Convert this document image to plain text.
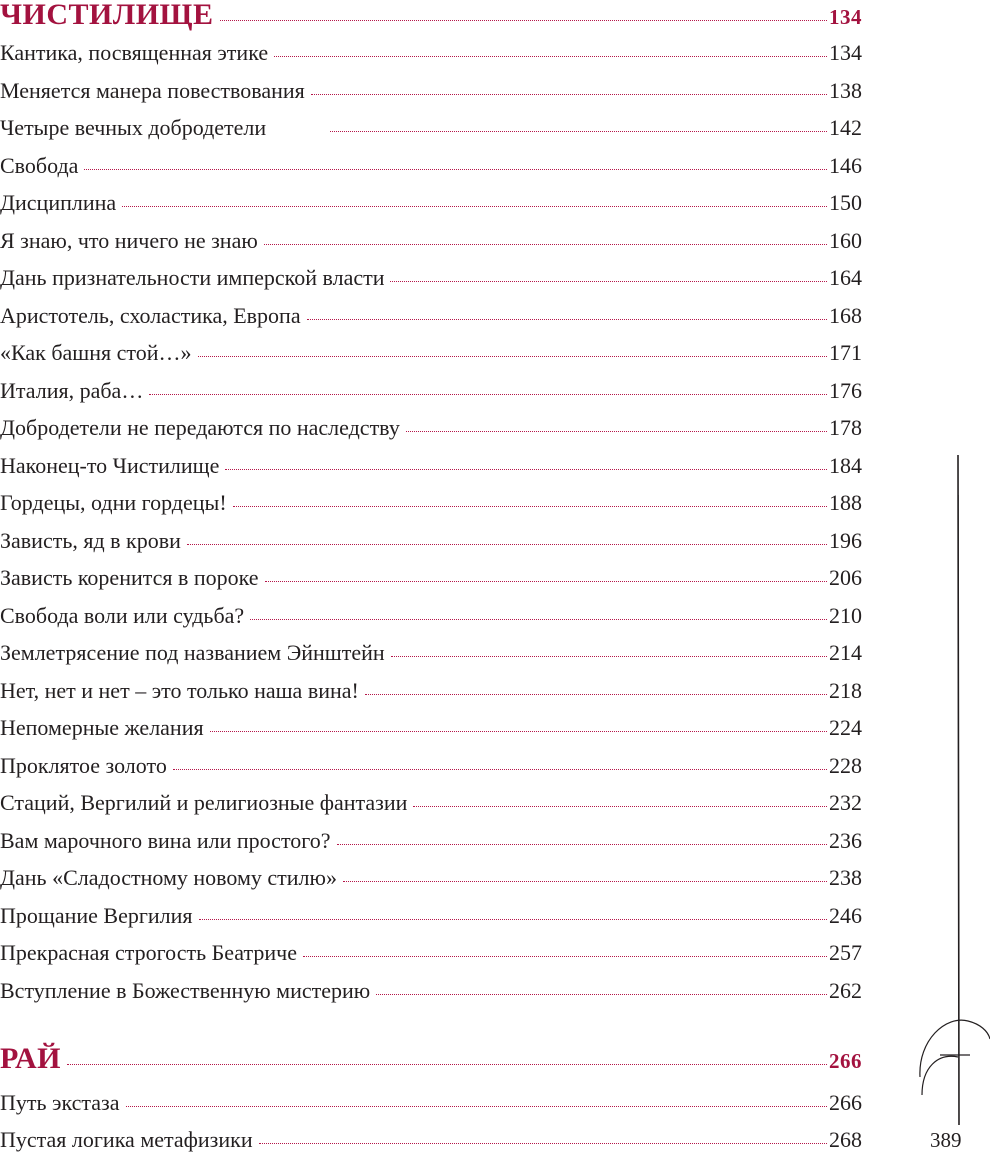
ЧИСТИЛИЩЕ	134
Кантика, посвященная этике	134
Меняется манера повествования	138
Четыре вечных добродетели	142
Свобода	146
Дисциплина	150
Я знаю, что ничего не знаю	160
Дань признательности имперской власти	164
Аристотель, схоластика, Европа	168
«Как башня стой…»	171
Италия, раба…	176
Добродетели не передаются по наследству	178
Наконец-то Чистилище	184
Гордецы, одни гордецы!	188
Зависть, яд в крови	196
Зависть коренится в пороке	206
Свобода воли или судьба?	210
Землетрясение под названием Эйнштейн	214
Нет, нет и нет – это только наша вина!	218
Непомерные желания	224
Проклятое золото	228
Стаций, Вергилий и религиозные фантазии	232
Вам марочного вина или простого?	236
Дань «Сладостному новому стилю»	238
Прощание Вергилия	246
Прекрасная строгость Беатриче	257
Вступление в Божественную мистерию	262
РАЙ	266
Путь экстаза	266
Пустая логика метафизики	268	389
